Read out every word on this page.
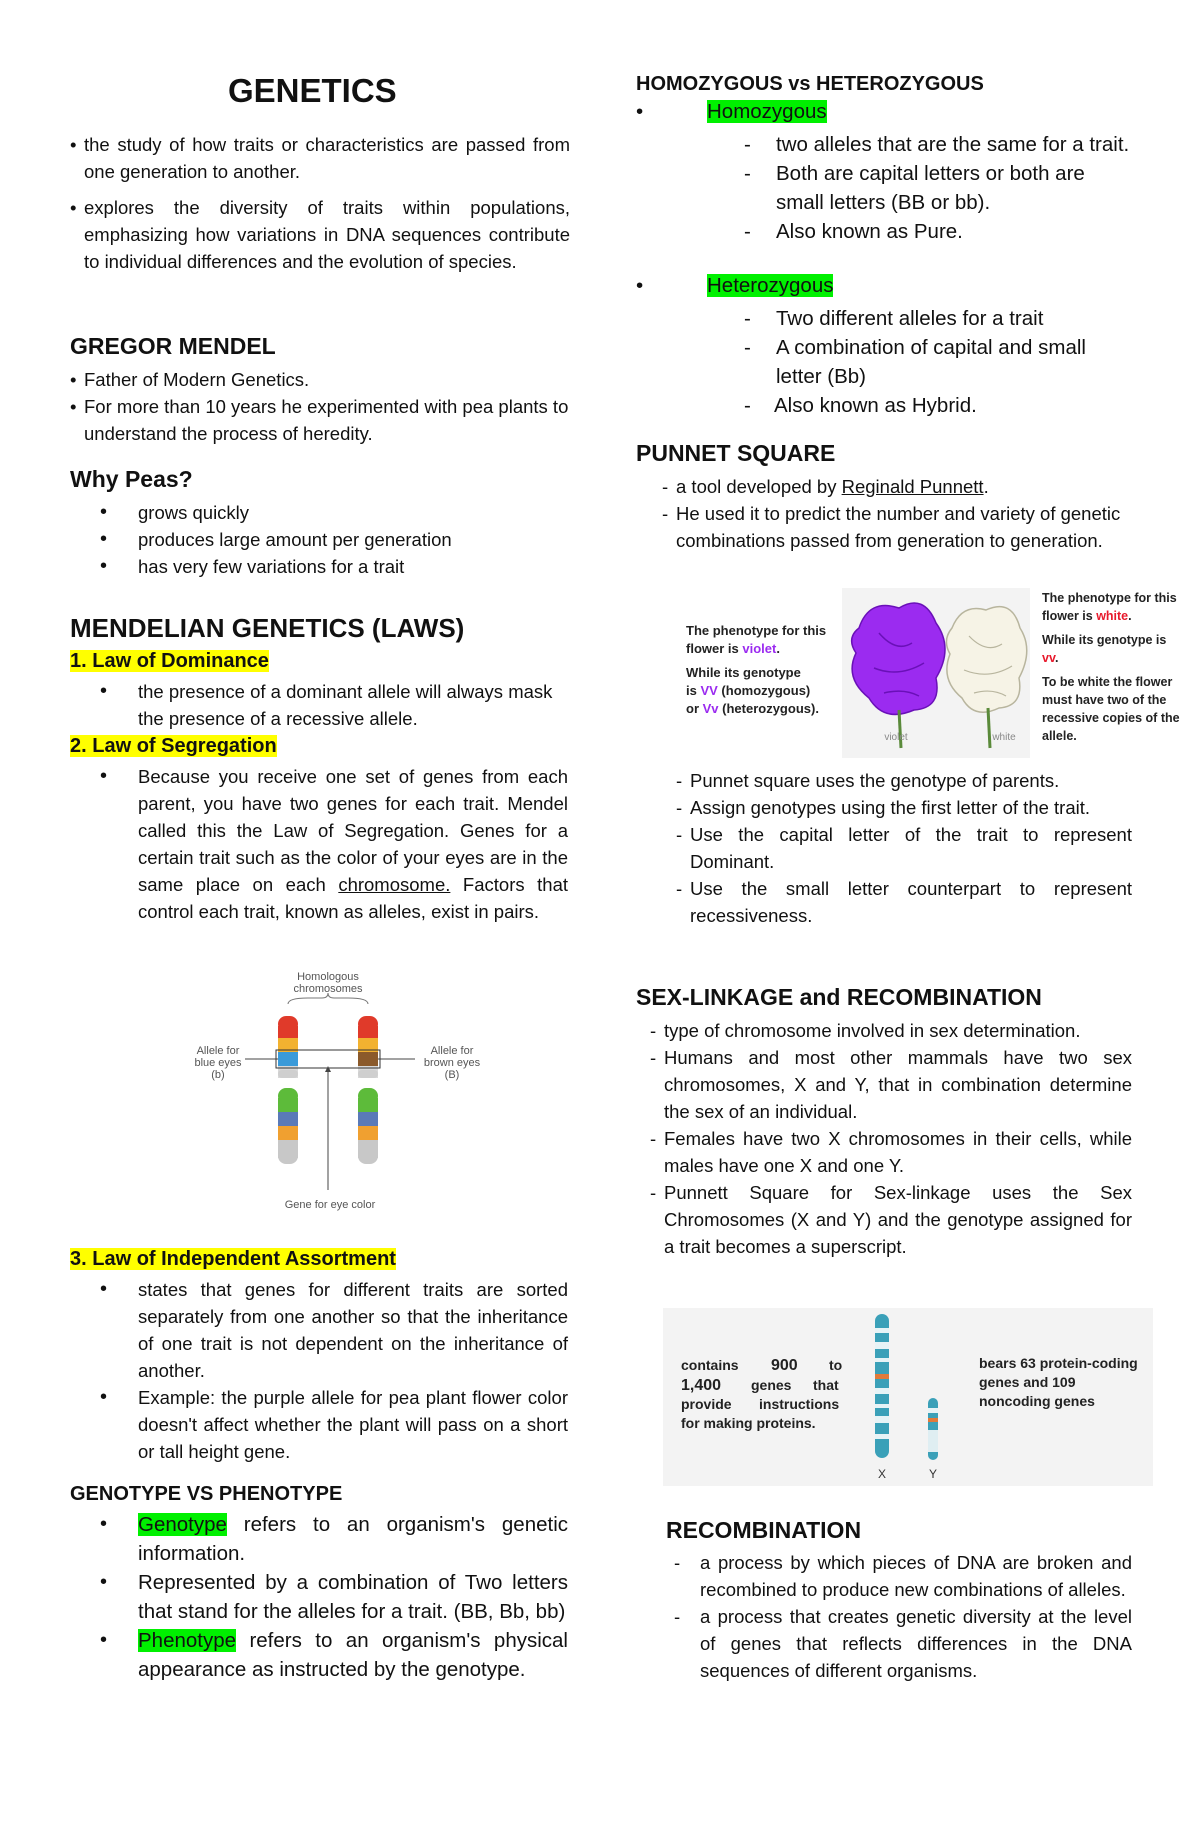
GENETICS
• the study of how traits or characteristics are passed from one generation to another.
• explores the diversity of traits within populations, emphasizing how variations in DNA sequences contribute to individual differences and the evolution of species.
GREGOR MENDEL
• Father of Modern Genetics.
• For more than 10 years he experimented with pea plants to understand the process of heredity.
Why Peas?
• grows quickly
• produces large amount per generation
• has very few variations for a trait
MENDELIAN GENETICS (LAWS)
1. Law of Dominance
• the presence of a dominant allele will always mask the presence of a recessive allele.
2. Law of Segregation
• Because you receive one set of genes from each parent, you have two genes for each trait. Mendel called this the Law of Segregation. Genes for a certain trait such as the color of your eyes are in the same place on each chromosome. Factors that control each trait, known as alleles, exist in pairs.
Homologous
chromosomes
Allele for
blue eyes
(b)
Allele for
brown eyes
(B)
Gene for eye color
3. Law of Independent Assortment
• states that genes for different traits are sorted separately from one another so that the inheritance of one trait is not dependent on the inheritance of another.
• Example: the purple allele for pea plant flower color doesn't affect whether the plant will pass on a short or tall height gene.
GENOTYPE VS PHENOTYPE
• Genotype refers to an organism's genetic information.
• Represented by a combination of Two letters that stand for the alleles for a trait. (BB, Bb, bb)
• Phenotype refers to an organism's physical appearance as instructed by the genotype.
HOMOZYGOUS vs HETEROZYGOUS
•	Homozygous
- two alleles that are the same for a trait.
- Both are capital letters or both are small letters (BB or bb).
- Also known as Pure.
•	Heterozygous
- Two different alleles for a trait
- A combination of capital and small letter (Bb)
- Also known as Hybrid.
PUNNET SQUARE
- a tool developed by Reginald Punnett.
- He used it to predict the number and variety of genetic combinations passed from generation to generation.
The phenotype for this
flower is violet.
While its genotype
is VV (homozygous)
or Vv (heterozygous).
violet	white
The phenotype for this
flower is white.
While its genotype is
vv.
To be white the flower
must have two of the
recessive copies of the
allele.
- Punnet square uses the genotype of parents.
- Assign genotypes using the first letter of the trait.
- Use the capital letter of the trait to represent Dominant.
- Use the small letter counterpart to represent recessiveness.
SEX-LINKAGE and RECOMBINATION
- type of chromosome involved in sex determination.
- Humans and most other mammals have two sex chromosomes, X and Y, that in combination determine the sex of an individual.
- Females have two X chromosomes in their cells, while males have one X and one Y.
- Punnett Square for Sex-linkage uses the Sex Chromosomes (X and Y) and the genotype assigned for a trait becomes a superscript.
contains 900 to
1,400 genes that
provide instructions
for making proteins.
X	Y
bears 63 protein-coding
genes and 109
noncoding genes
RECOMBINATION
- a process by which pieces of DNA are broken and recombined to produce new combinations of alleles.
- a process that creates genetic diversity at the level of genes that reflects differences in the DNA sequences of different organisms.
